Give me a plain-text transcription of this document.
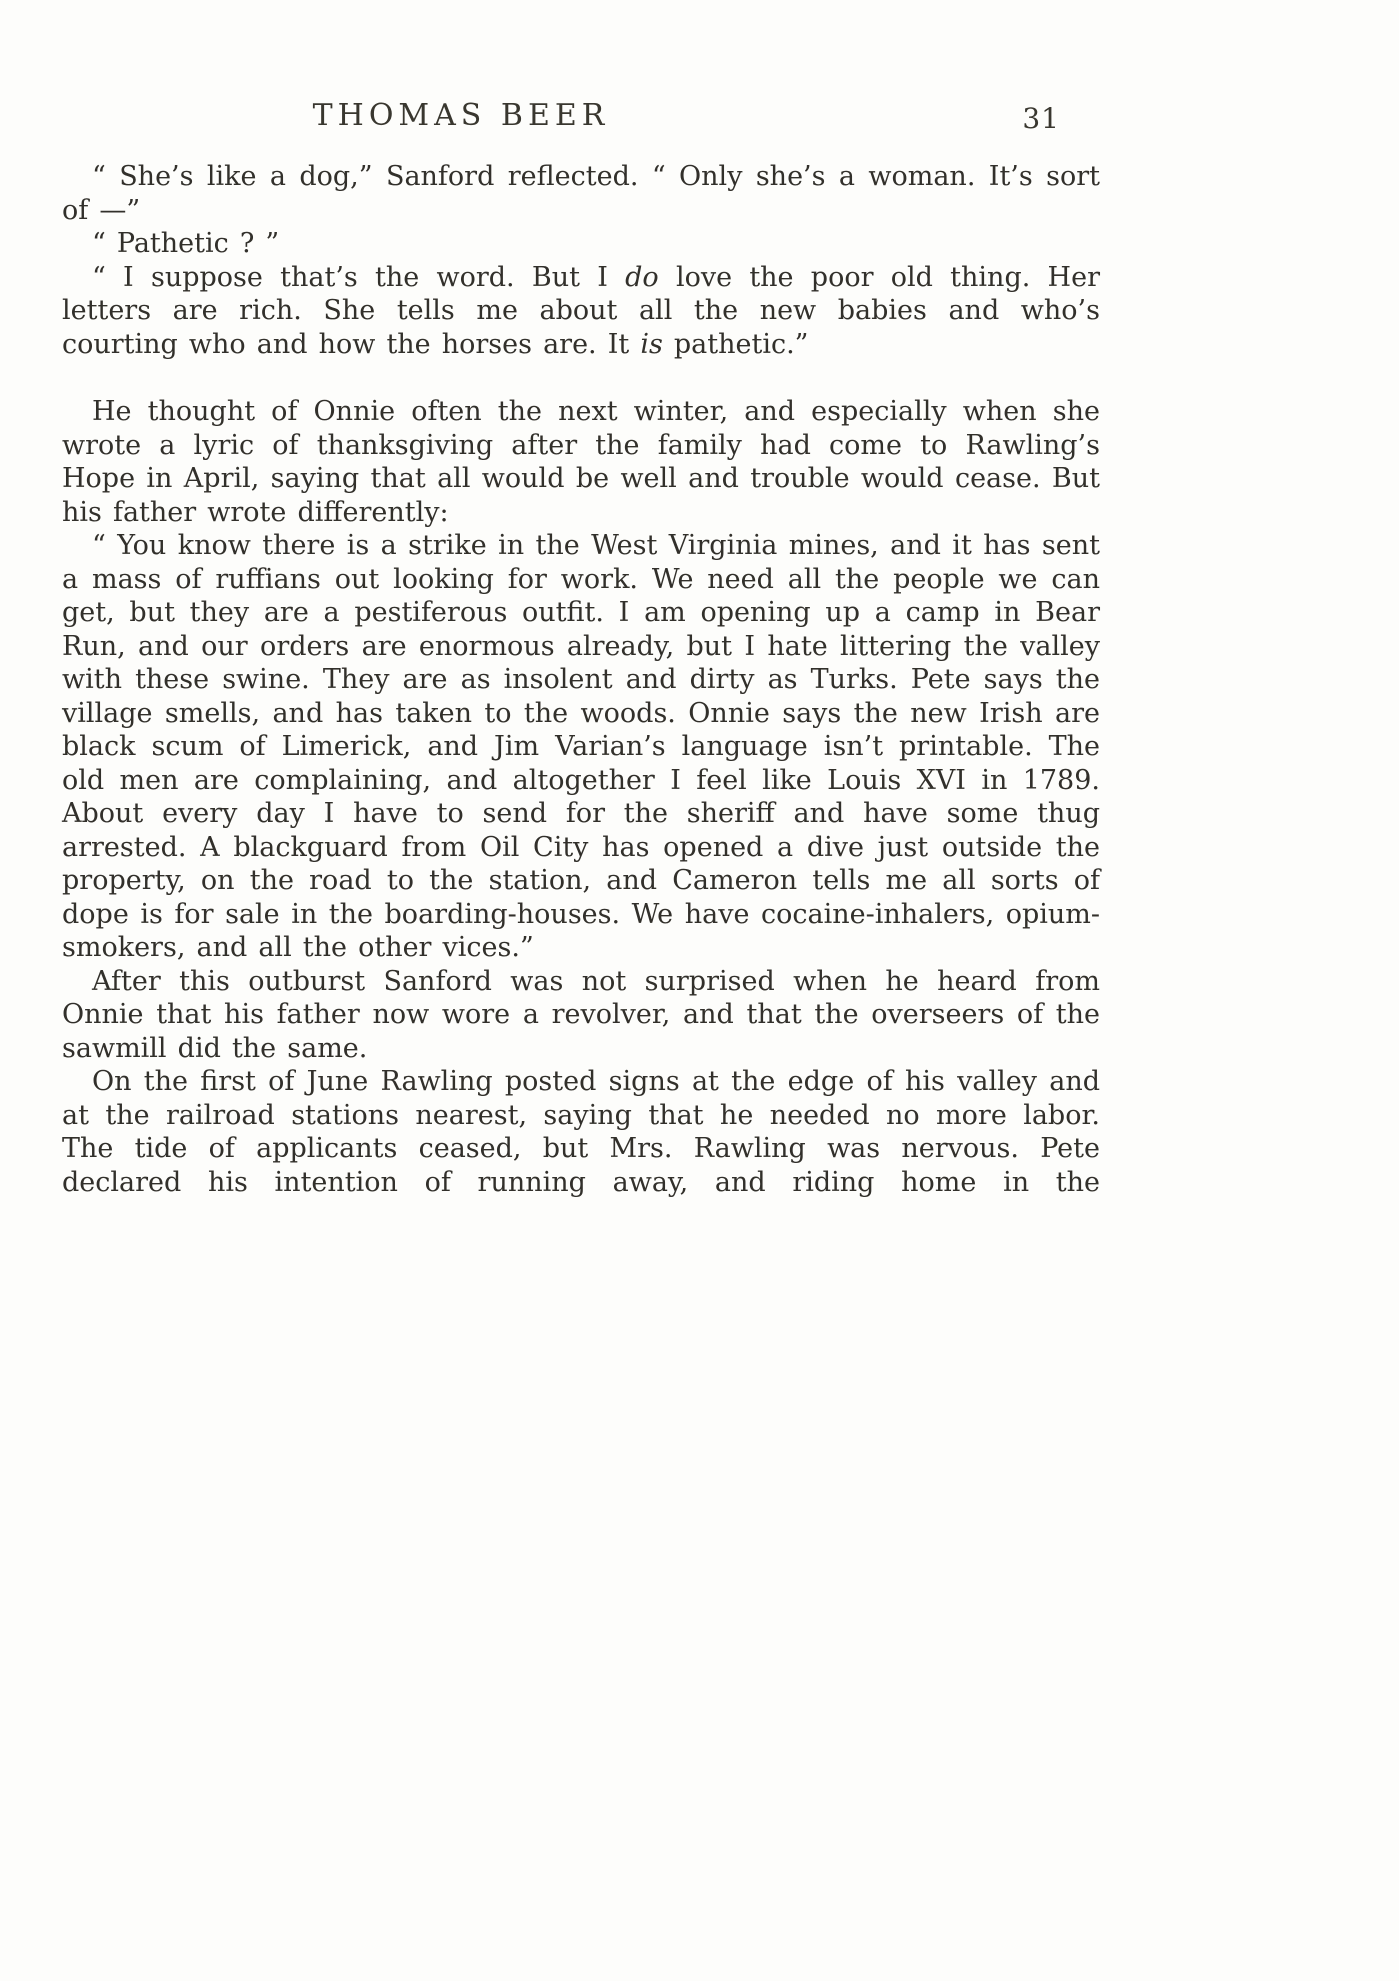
THOMAS BEER	31

“ She’s like a dog,” Sanford reflected. “ Only she’s a woman. It’s sort of —”

“ Pathetic ? ”

“ I suppose that’s the word. But I do love the poor old thing. Her letters are rich. She tells me about all the new babies and who’s courting who and how the horses are. It is pathetic.”

He thought of Onnie often the next winter, and especially when she wrote a lyric of thanksgiving after the family had come to Rawling’s Hope in April, saying that all would be well and trouble would cease. But his father wrote differently:

“ You know there is a strike in the West Virginia mines, and it has sent a mass of ruffians out looking for work. We need all the people we can get, but they are a pestiferous outfit. I am opening up a camp in Bear Run, and our orders are enormous already, but I hate littering the valley with these swine. They are as insolent and dirty as Turks. Pete says the village smells, and has taken to the woods. Onnie says the new Irish are black scum of Limerick, and Jim Varian’s language isn’t printable. The old men are complaining, and altogether I feel like Louis XVI in 1789. About every day I have to send for the sheriff and have some thug arrested. A blackguard from Oil City has opened a dive just outside the property, on the road to the station, and Cameron tells me all sorts of dope is for sale in the boarding-houses. We have cocaine-inhalers, opium-smokers, and all the other vices.”

After this outburst Sanford was not surprised when he heard from Onnie that his father now wore a revolver, and that the overseers of the sawmill did the same.

On the first of June Rawling posted signs at the edge of his valley and at the railroad stations nearest, saying that he needed no more labor. The tide of applicants ceased, but Mrs. Rawling was nervous. Pete declared his intention of running away, and riding home in the
